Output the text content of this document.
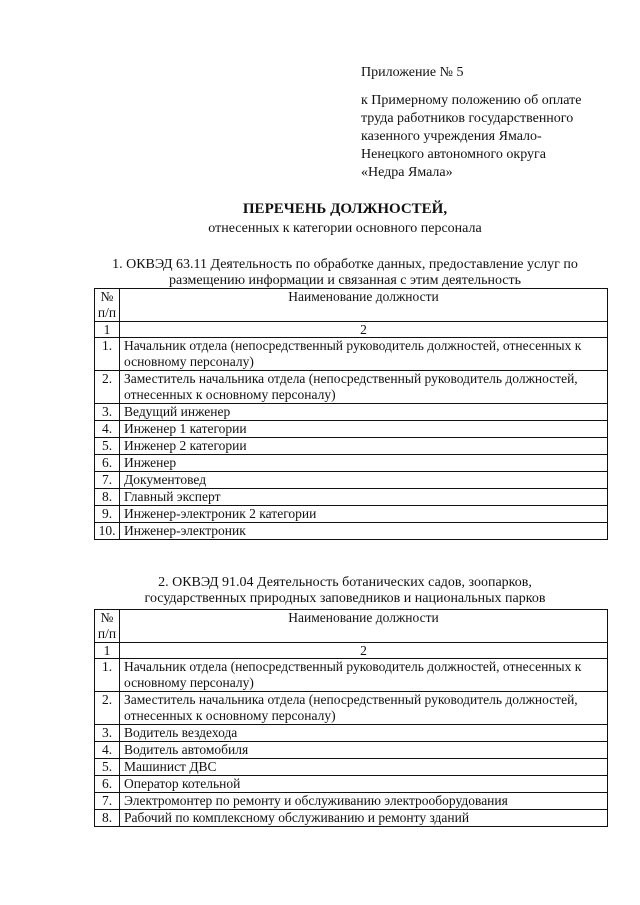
Приложение № 5
к Примерному положению об оплате
труда работников государственного
казенного учреждения Ямало-
Ненецкого автономного округа
«Недра Ямала»
ПЕРЕЧЕНЬ ДОЛЖНОСТЕЙ,
отнесенных к категории основного персонала
1. ОКВЭД 63.11 Деятельность по обработке данных, предоставление услуг по
размещению информации и связанная с этим деятельность
№ п/п	Наименование должности
1	2
1.	Начальник отдела (непосредственный руководитель должностей, отнесенных к основному персоналу)
2.	Заместитель начальника отдела (непосредственный руководитель должностей, отнесенных к основному персоналу)
3.	Ведущий инженер
4.	Инженер 1 категории
5.	Инженер 2 категории
6.	Инженер
7.	Документовед
8.	Главный эксперт
9.	Инженер-электроник 2 категории
10.	Инженер-электроник
2. ОКВЭД 91.04 Деятельность ботанических садов, зоопарков,
государственных природных заповедников и национальных парков
№ п/п	Наименование должности
1	2
1.	Начальник отдела (непосредственный руководитель должностей, отнесенных к основному персоналу)
2.	Заместитель начальника отдела (непосредственный руководитель должностей, отнесенных к основному персоналу)
3.	Водитель вездехода
4.	Водитель автомобиля
5.	Машинист ДВС
6.	Оператор котельной
7.	Электромонтер по ремонту и обслуживанию электрооборудования
8.	Рабочий по комплексному обслуживанию и ремонту зданий
